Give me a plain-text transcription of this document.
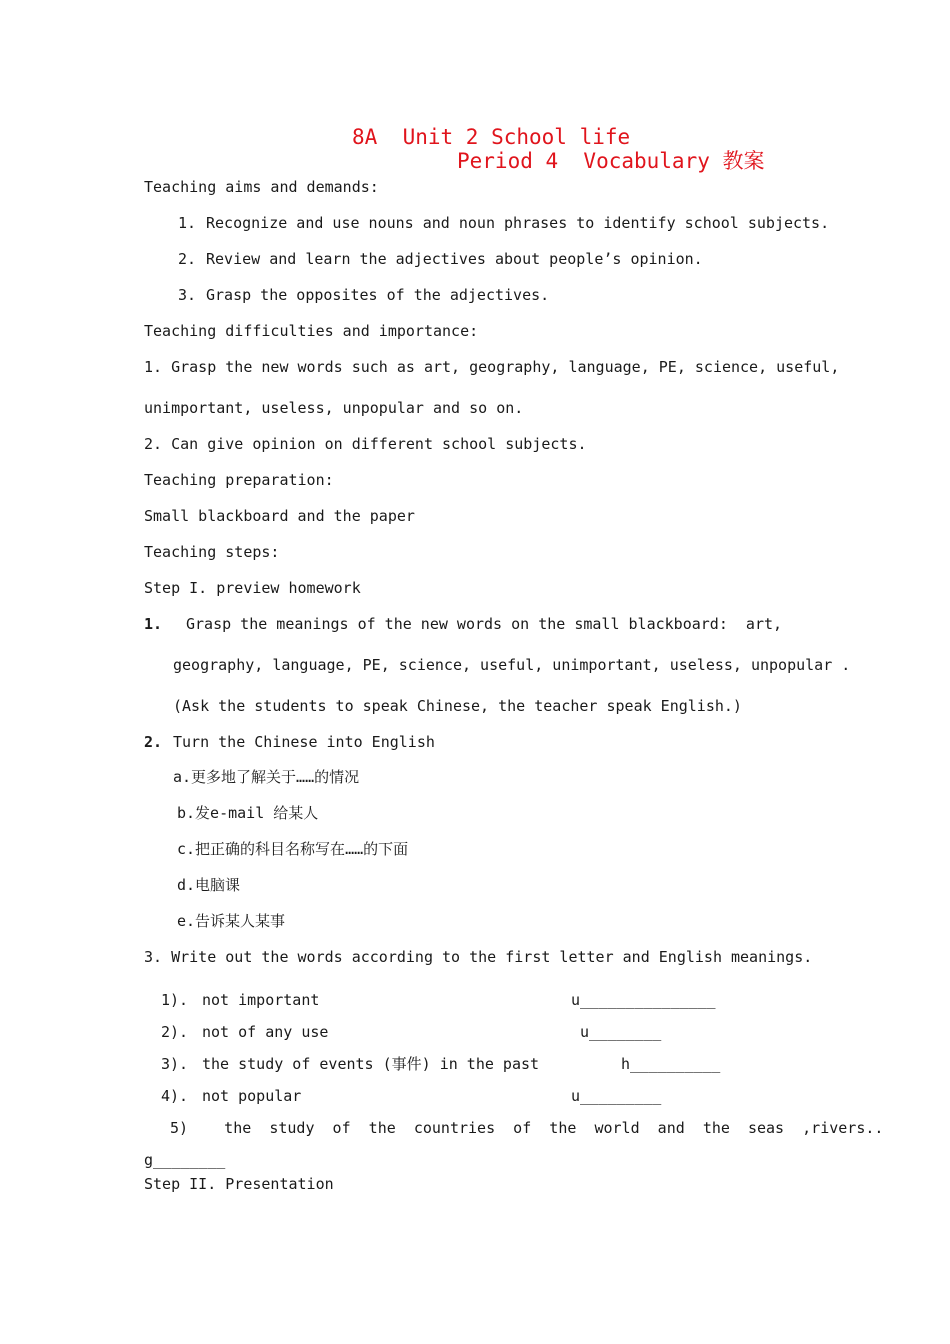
8A  Unit 2 School life
Period 4  Vocabulary 教案
Teaching aims and demands:
1. Recognize and use nouns and noun phrases to identify school subjects.
2. Review and learn the adjectives about people’s opinion.
3. Grasp the opposites of the adjectives.
Teaching difficulties and importance:
1. Grasp the new words such as art, geography, language, PE, science, useful,
unimportant, useless, unpopular and so on.
2. Can give opinion on different school subjects.
Teaching preparation:
Small blackboard and the paper
Teaching steps:
Step I. preview homework
1. Grasp the meanings of the new words on the small blackboard:  art,
geography, language, PE, science, useful, unimportant, useless, unpopular .
(Ask the students to speak Chinese, the teacher speak English.)
2. Turn the Chinese into English
a.更多地了解关于……的情况
b.发e-mail 给某人
c.把正确的科目名称写在……的下面
d.电脑课
e.告诉某人某事
3. Write out the words according to the first letter and English meanings.
1). not important	u_______________
2). not of any use	u________
3). the study of events (事件) in the past	h__________
4). not popular	u_________
5)    the  study  of  the  countries  of  the  world  and  the  seas  ,rivers..
g________
Step II. Presentation
